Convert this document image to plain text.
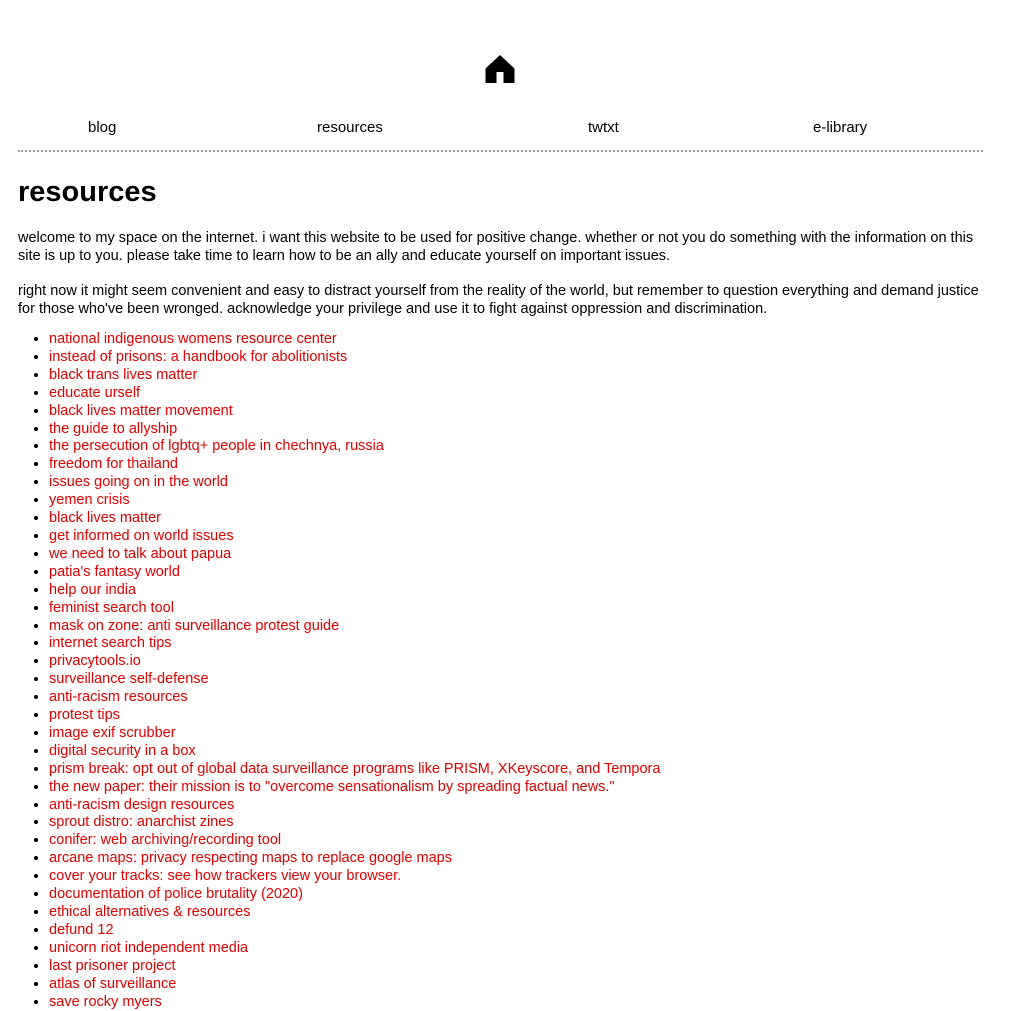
blog	resources	twtxt	e-library
resources

welcome to my space on the internet. i want this website to be used for positive change. whether or not you do something with the information on this site is up to you. please take time to learn how to be an ally and educate yourself on important issues.

right now it might seem convenient and easy to distract yourself from the reality of the world, but remember to question everything and demand justice for those who've been wronged. acknowledge your privilege and use it to fight against oppression and discrimination.

• national indigenous womens resource center
• instead of prisons: a handbook for abolitionists
• black trans lives matter
• educate urself
• black lives matter movement
• the guide to allyship
• the persecution of lgbtq+ people in chechnya, russia
• freedom for thailand
• issues going on in the world
• yemen crisis
• black lives matter
• get informed on world issues
• we need to talk about papua
• patia's fantasy world
• help our india
• feminist search tool
• mask on zone: anti surveillance protest guide
• internet search tips
• privacytools.io
• surveillance self-defense
• anti-racism resources
• protest tips
• image exif scrubber
• digital security in a box
• prism break: opt out of global data surveillance programs like PRISM, XKeyscore, and Tempora
• the new paper: their mission is to "overcome sensationalism by spreading factual news."
• anti-racism design resources
• sprout distro: anarchist zines
• conifer: web archiving/recording tool
• arcane maps: privacy respecting maps to replace google maps
• cover your tracks: see how trackers view your browser.
• documentation of police brutality (2020)
• ethical alternatives & resources
• defund 12
• unicorn riot independent media
• last prisoner project
• atlas of surveillance
• save rocky myers
